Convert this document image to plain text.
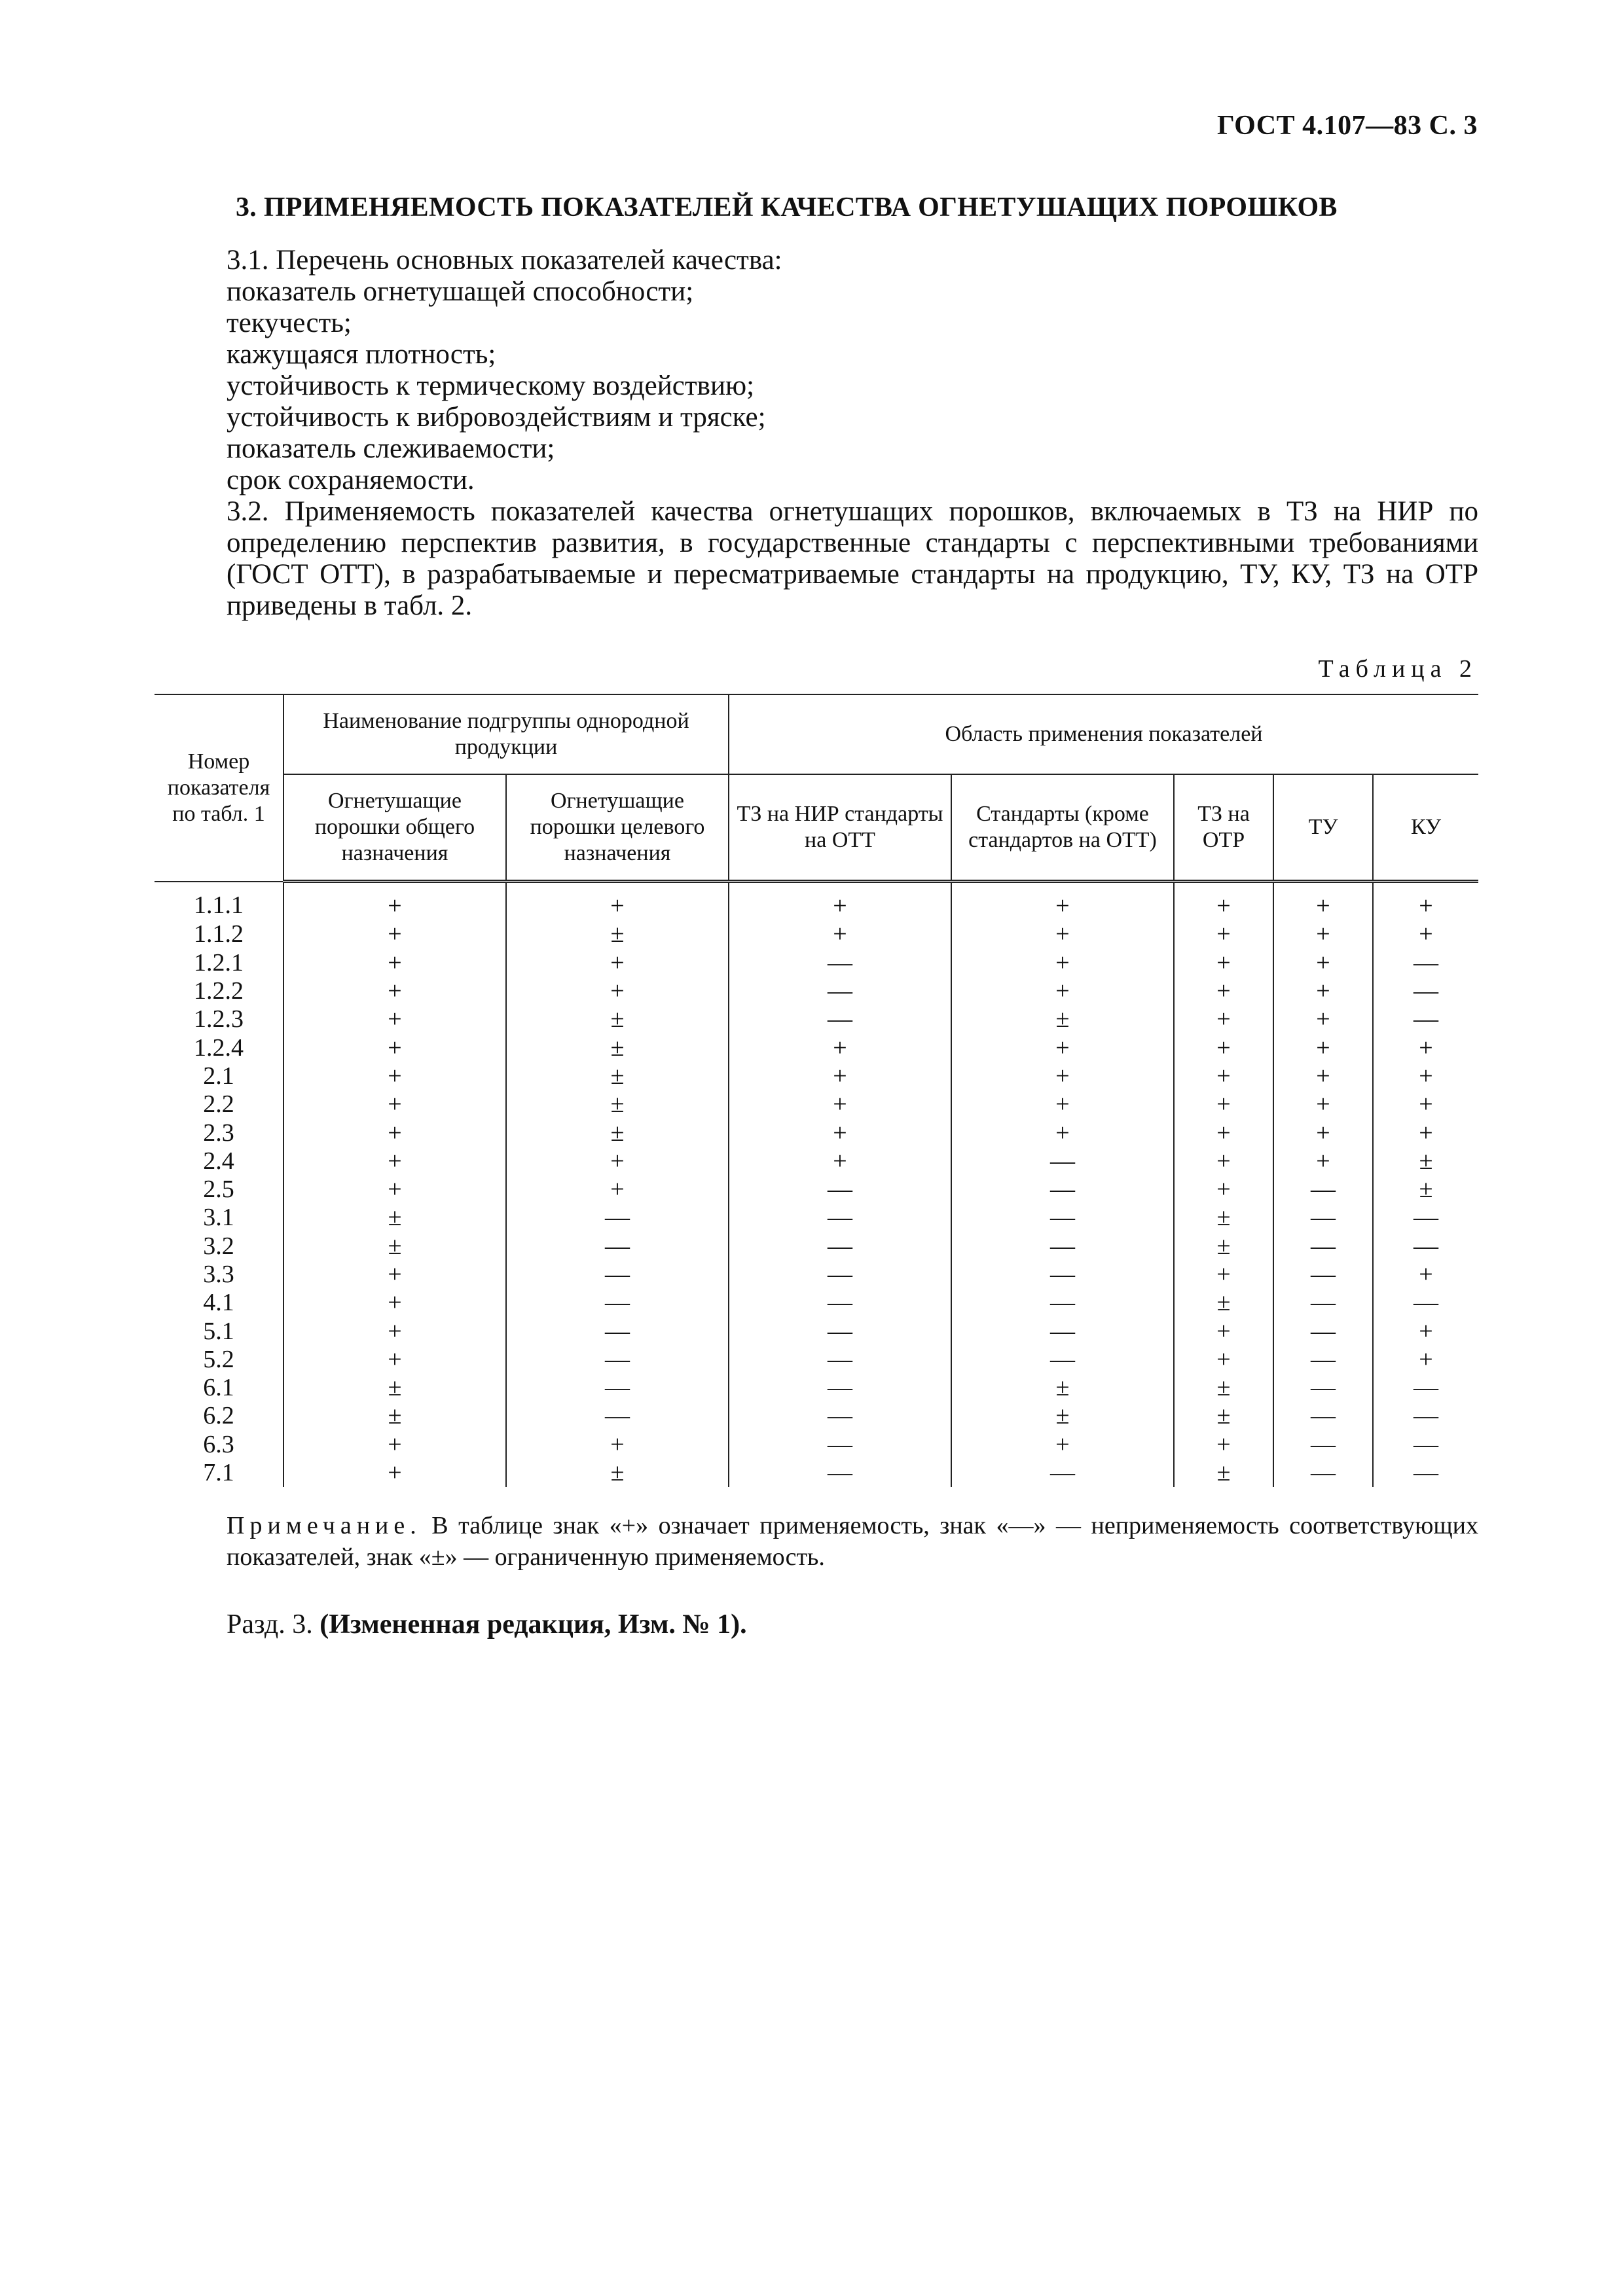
ГОСТ 4.107—83 С. 3
3. ПРИМЕНЯЕМОСТЬ ПОКАЗАТЕЛЕЙ КАЧЕСТВА ОГНЕТУШАЩИХ ПОРОШКОВ
3.1. Перечень основных показателей качества:
показатель огнетушащей способности;
текучесть;
кажущаяся плотность;
устойчивость к термическому воздействию;
устойчивость к вибровоздействиям и тряске;
показатель слеживаемости;
срок сохраняемости.
3.2. Применяемость показателей качества огнетушащих порошков, включаемых в ТЗ на НИР по определению перспектив развития, в государственные стандарты с перспективными требованиями (ГОСТ ОТТ), в разрабатываемые и пересматриваемые стандарты на продукцию, ТУ, КУ, ТЗ на ОТР приведены в табл. 2.
Таблица 2
Номер показателя по табл. 1	Наименование подгруппы однородной продукции		Область применения показателей				
	Огнетушащие порошки общего назначения	Огнетушащие порошки целевого назначения	ТЗ на НИР стандарты на ОТТ	Стандарты (кроме стандартов на ОТТ)	ТЗ на ОТР	ТУ	КУ
1.1.1	+	+	+	+	+	+	+
1.1.2	+	±	+	+	+	+	+
1.2.1	+	+	—	+	+	+	—
1.2.2	+	+	—	+	+	+	—
1.2.3	+	±	—	±	+	+	—
1.2.4	+	±	+	+	+	+	+
2.1	+	±	+	+	+	+	+
2.2	+	±	+	+	+	+	+
2.3	+	±	+	+	+	+	+
2.4	+	+	+	—	+	+	±
2.5	+	+	—	—	+	—	±
3.1	±	—	—	—	±	—	—
3.2	±	—	—	—	±	—	—
3.3	+	—	—	—	+	—	+
4.1	+	—	—	—	±	—	—
5.1	+	—	—	—	+	—	+
5.2	+	—	—	—	+	—	+
6.1	±	—	—	±	±	—	—
6.2	±	—	—	±	±	—	—
6.3	+	+	—	+	+	—	—
7.1	+	±	—	—	±	—	—
Примечание. В таблице знак «+» означает применяемость, знак «—» — неприменяемость соответствующих показателей, знак «±» — ограниченную применяемость.
Разд. 3. (Измененная редакция, Изм. № 1).
